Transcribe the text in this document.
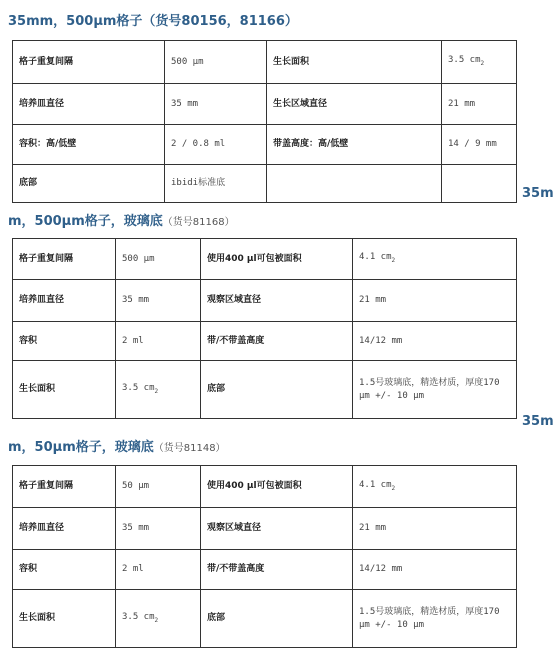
35mm，500µm格子（货号80156，81166）
格子重复间隔	500 µm	生长面积	3.5 $cm_2$
培养皿直径	35 mm	生长区域直径	21 mm
容积：高/低壁	2 / 0.8 ml	带盖高度：高/低壁	14 / 9 mm
底部	ibidi标准底		
35m
m，500µm格子，玻璃底（货号81168）
格子重复间隔	500 µm	使用400 µl可包被面积	4.1 $cm_2$
培养皿直径	35 mm	观察区域直径	21 mm
容积	2 ml	带/不带盖高度	14/12 mm
生长面积	3.5 $cm_2$	底部	1.5号玻璃底，精选材质，厚度170 µm +/- 10 µm
35m
m，50µm格子，玻璃底（货号81148）
格子重复间隔	50 µm	使用400 µl可包被面积	4.1 $cm_2$
培养皿直径	35 mm	观察区域直径	21 mm
容积	2 ml	带/不带盖高度	14/12 mm
生长面积	3.5 $cm_2$	底部	1.5号玻璃底，精选材质，厚度170 µm +/- 10 µm
